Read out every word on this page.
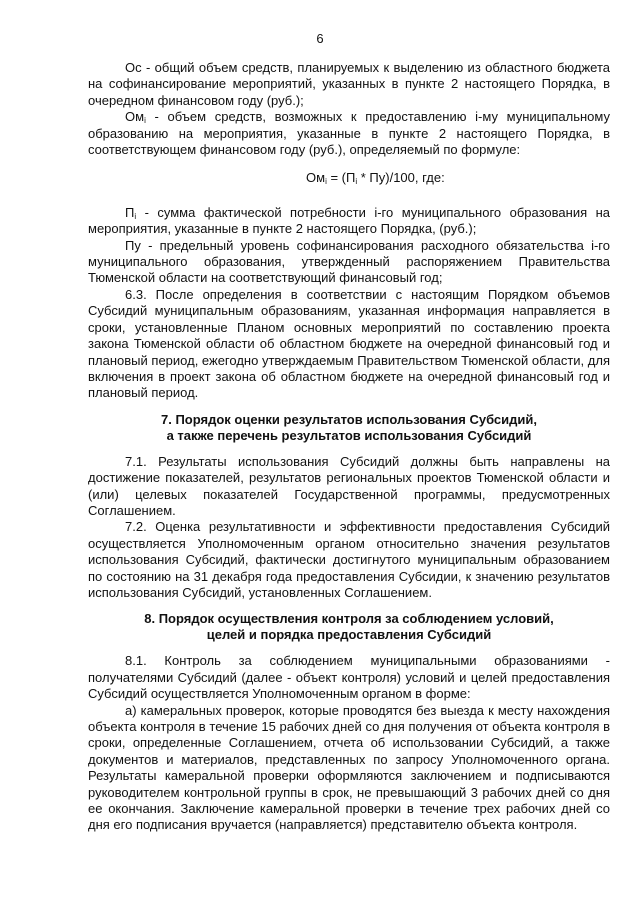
6

Ос - общий объем средств, планируемых к выделению из областного бюджета на софинансирование мероприятий, указанных в пункте 2 настоящего Порядка, в очередном финансовом году (руб.);

$Ом_i$ - объем средств, возможных к предоставлению i-му муниципальному образованию на мероприятия, указанные в пункте 2 настоящего Порядка, в соответствующем финансовом году (руб.), определяемый по формуле:

$Ом_i = (П_i * Пу)/100$, где:

$П_i$ - сумма фактической потребности i-го муниципального образования на мероприятия, указанные в пункте 2 настоящего Порядка, (руб.);

Пу - предельный уровень софинансирования расходного обязательства i-го муниципального образования, утвержденный распоряжением Правительства Тюменской области на соответствующий финансовый год;

6.3. После определения в соответствии с настоящим Порядком объемов Субсидий муниципальным образованиям, указанная информация направляется в сроки, установленные Планом основных мероприятий по составлению проекта закона Тюменской области об областном бюджете на очередной финансовый год и плановый период, ежегодно утверждаемым Правительством Тюменской области, для включения в проект закона об областном бюджете на очередной финансовый год и плановый период.

7. Порядок оценки результатов использования Субсидий,
а также перечень результатов использования Субсидий

7.1. Результаты использования Субсидий должны быть направлены на достижение показателей, результатов региональных проектов Тюменской области и (или) целевых показателей Государственной программы, предусмотренных Соглашением.

7.2. Оценка результативности и эффективности предоставления Субсидий осуществляется Уполномоченным органом относительно значения результатов использования Субсидий, фактически достигнутого муниципальным образованием по состоянию на 31 декабря года предоставления Субсидии, к значению результатов использования Субсидий, установленных Соглашением.

8. Порядок осуществления контроля за соблюдением условий,
целей и порядка предоставления Субсидий

8.1. Контроль за соблюдением муниципальными образованиями - получателями Субсидий (далее - объект контроля) условий и целей предоставления Субсидий осуществляется Уполномоченным органом в форме:

а) камеральных проверок, которые проводятся без выезда к месту нахождения объекта контроля в течение 15 рабочих дней со дня получения от объекта контроля в сроки, определенные Соглашением, отчета об использовании Субсидий, а также документов и материалов, представленных по запросу Уполномоченного органа. Результаты камеральной проверки оформляются заключением и подписываются руководителем контрольной группы в срок, не превышающий 3 рабочих дней со дня ее окончания. Заключение камеральной проверки в течение трех рабочих дней со дня его подписания вручается (направляется) представителю объекта контроля.
